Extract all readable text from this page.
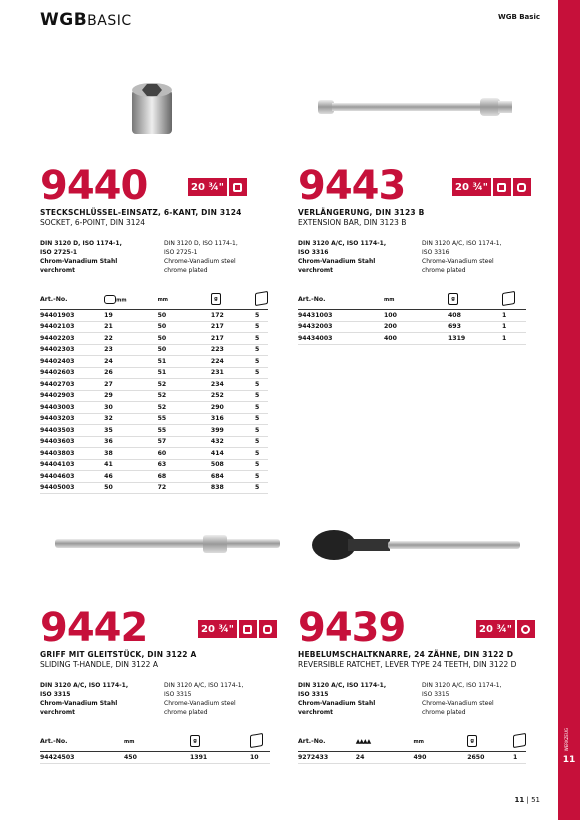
WGBBASIC	WGB Basic
WERKZEUG
11
9440	20 ¾"
STECKSCHLÜSSEL-EINSATZ, 6-KANT, DIN 3124
SOCKET, 6-POINT, DIN 3124
DIN 3120 D, ISO 1174-1,
ISO 2725-1
Chrom-Vanadium Stahl
verchromt
DIN 3120 D, ISO 1174-1,
ISO 2725-1
Chrome-Vanadium steel
chrome plated
Art.-No.	mm	mm	g	
94401903	19	50	172	5
94402103	21	50	217	5
94402203	22	50	217	5
94402303	23	50	223	5
94402403	24	51	224	5
94402603	26	51	231	5
94402703	27	52	234	5
94402903	29	52	252	5
94403003	30	52	290	5
94403203	32	55	316	5
94403503	35	55	399	5
94403603	36	57	432	5
94403803	38	60	414	5
94404103	41	63	508	5
94404603	46	68	684	5
94405003	50	72	838	5
9443	20 ¾"
VERLÄNGERUNG, DIN 3123 B
EXTENSION BAR, DIN 3123 B
DIN 3120 A/C, ISO 1174-1,
ISO 3316
Chrom-Vanadium Stahl
verchromt
DIN 3120 A/C, ISO 1174-1,
ISO 3316
Chrome-Vanadium steel
chrome plated
Art.-No.	mm	g	
94431003	100	408	1
94432003	200	693	1
94434003	400	1319	1
9442	20 ¾"
GRIFF MIT GLEITSTÜCK, DIN 3122 A
SLIDING T-HANDLE, DIN 3122 A
DIN 3120 A/C, ISO 1174-1,
ISO 3315
Chrom-Vanadium Stahl
verchromt
DIN 3120 A/C, ISO 1174-1,
ISO 3315
Chrome-Vanadium steel
chrome plated
Art.-No.	mm	g	
94424503	450	1391	10
9439	20 ¾"
HEBELUMSCHALTKNARRE, 24 ZÄHNE, DIN 3122 D
REVERSIBLE RATCHET, LEVER TYPE 24 TEETH, DIN 3122 D
DIN 3120 A/C, ISO 1174-1,
ISO 3315
Chrom-Vanadium Stahl
verchromt
DIN 3120 A/C, ISO 1174-1,
ISO 3315
Chrome-Vanadium steel
chrome plated
Art.-No.	▲▲▲▲	mm	g	
9272433	24	490	2650	1
11 | 51
